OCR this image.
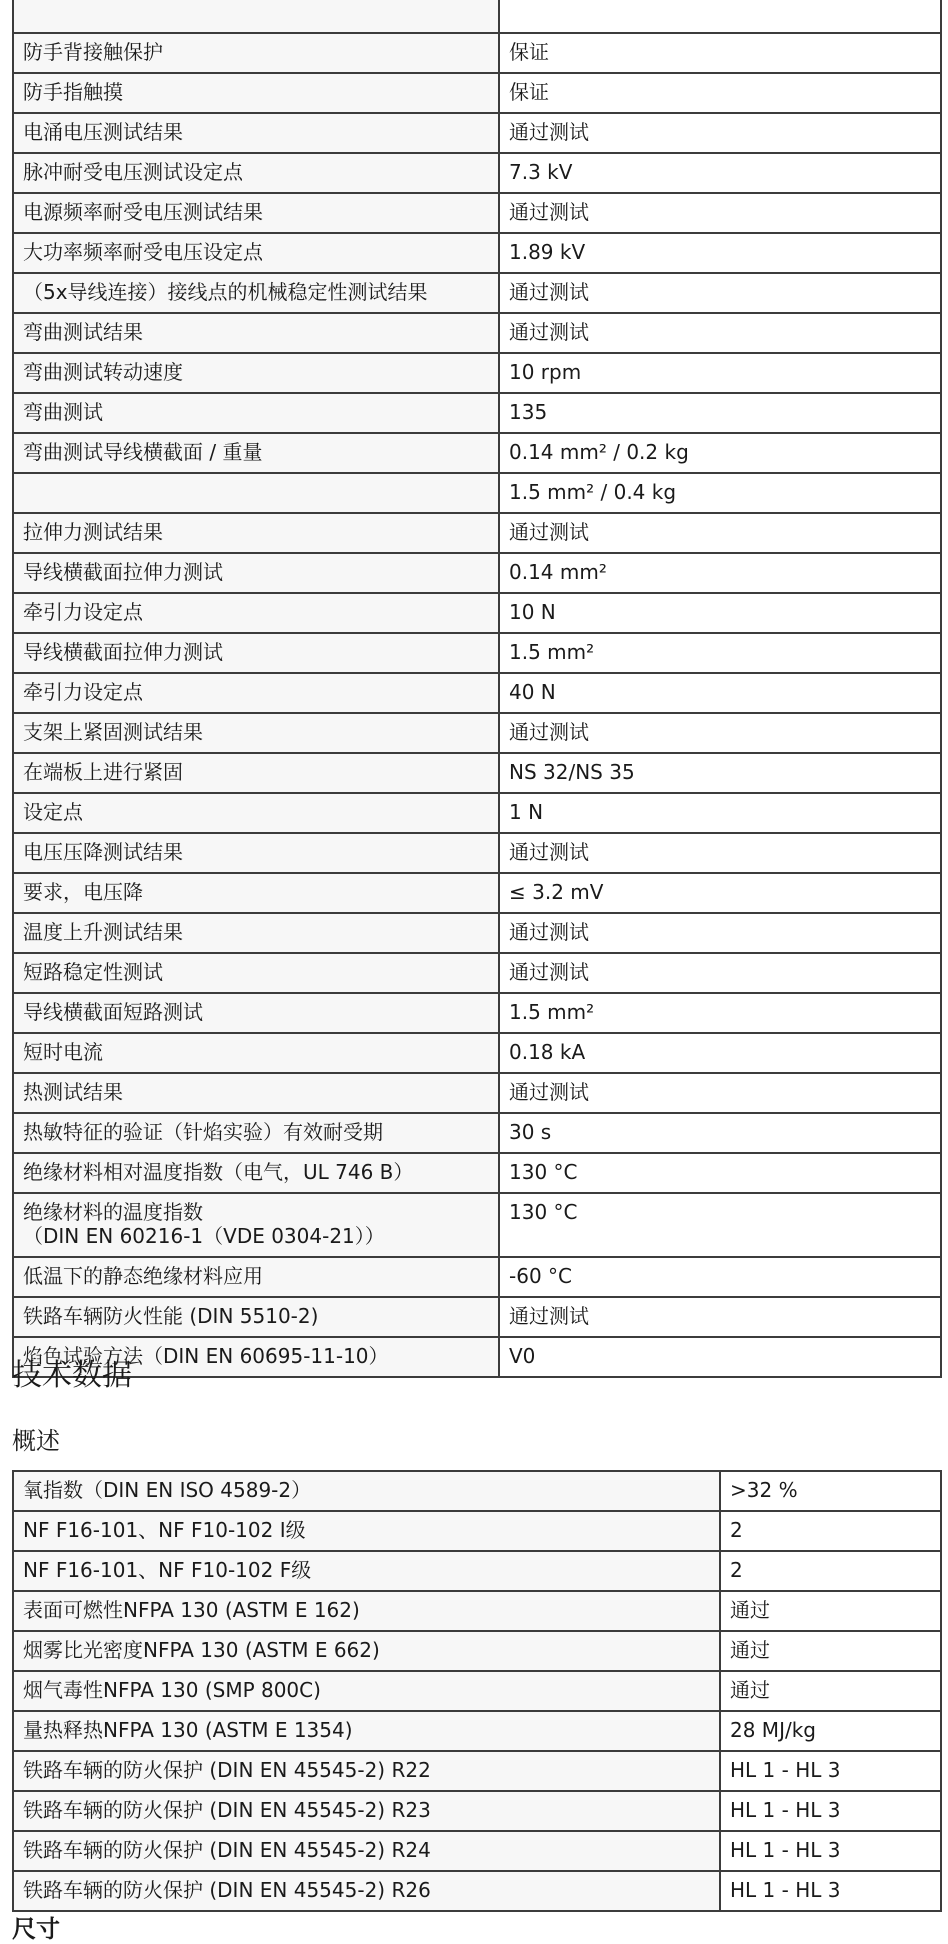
防手背接触保护	保证
防手指触摸	保证
电涌电压测试结果	通过测试
脉冲耐受电压测试设定点	7.3 kV
电源频率耐受电压测试结果	通过测试
大功率频率耐受电压设定点	1.89 kV
（5x导线连接）接线点的机械稳定性测试结果	通过测试
弯曲测试结果	通过测试
弯曲测试转动速度	10 rpm
弯曲测试	135
弯曲测试导线横截面 / 重量	0.14 mm² / 0.2 kg
	1.5 mm² / 0.4 kg
拉伸力测试结果	通过测试
导线横截面拉伸力测试	0.14 mm²
牵引力设定点	10 N
导线横截面拉伸力测试	1.5 mm²
牵引力设定点	40 N
支架上紧固测试结果	通过测试
在端板上进行紧固	NS 32/NS 35
设定点	1 N
电压压降测试结果	通过测试
要求，电压降	≤ 3.2 mV
温度上升测试结果	通过测试
短路稳定性测试	通过测试
导线横截面短路测试	1.5 mm²
短时电流	0.18 kA
热测试结果	通过测试
热敏特征的验证（针焰实验）有效耐受期	30 s
绝缘材料相对温度指数（电气，UL 746 B）	130 °C
绝缘材料的温度指数
（DIN EN 60216-1（VDE 0304-21））	130 °C
低温下的静态绝缘材料应用	-60 °C
铁路车辆防火性能 (DIN 5510-2)	通过测试
焰色试验方法（DIN EN 60695-11-10）	V0
技术数据
概述
氧指数（DIN EN ISO 4589-2）	>32 %
NF F16-101、NF F10-102 I级	2
NF F16-101、NF F10-102 F级	2
表面可燃性NFPA 130 (ASTM E 162)	通过
烟雾比光密度NFPA 130 (ASTM E 662)	通过
烟气毒性NFPA 130 (SMP 800C)	通过
量热释热NFPA 130 (ASTM E 1354)	28 MJ/kg
铁路车辆的防火保护 (DIN EN 45545-2) R22	HL 1 - HL 3
铁路车辆的防火保护 (DIN EN 45545-2) R23	HL 1 - HL 3
铁路车辆的防火保护 (DIN EN 45545-2) R24	HL 1 - HL 3
铁路车辆的防火保护 (DIN EN 45545-2) R26	HL 1 - HL 3
尺寸
